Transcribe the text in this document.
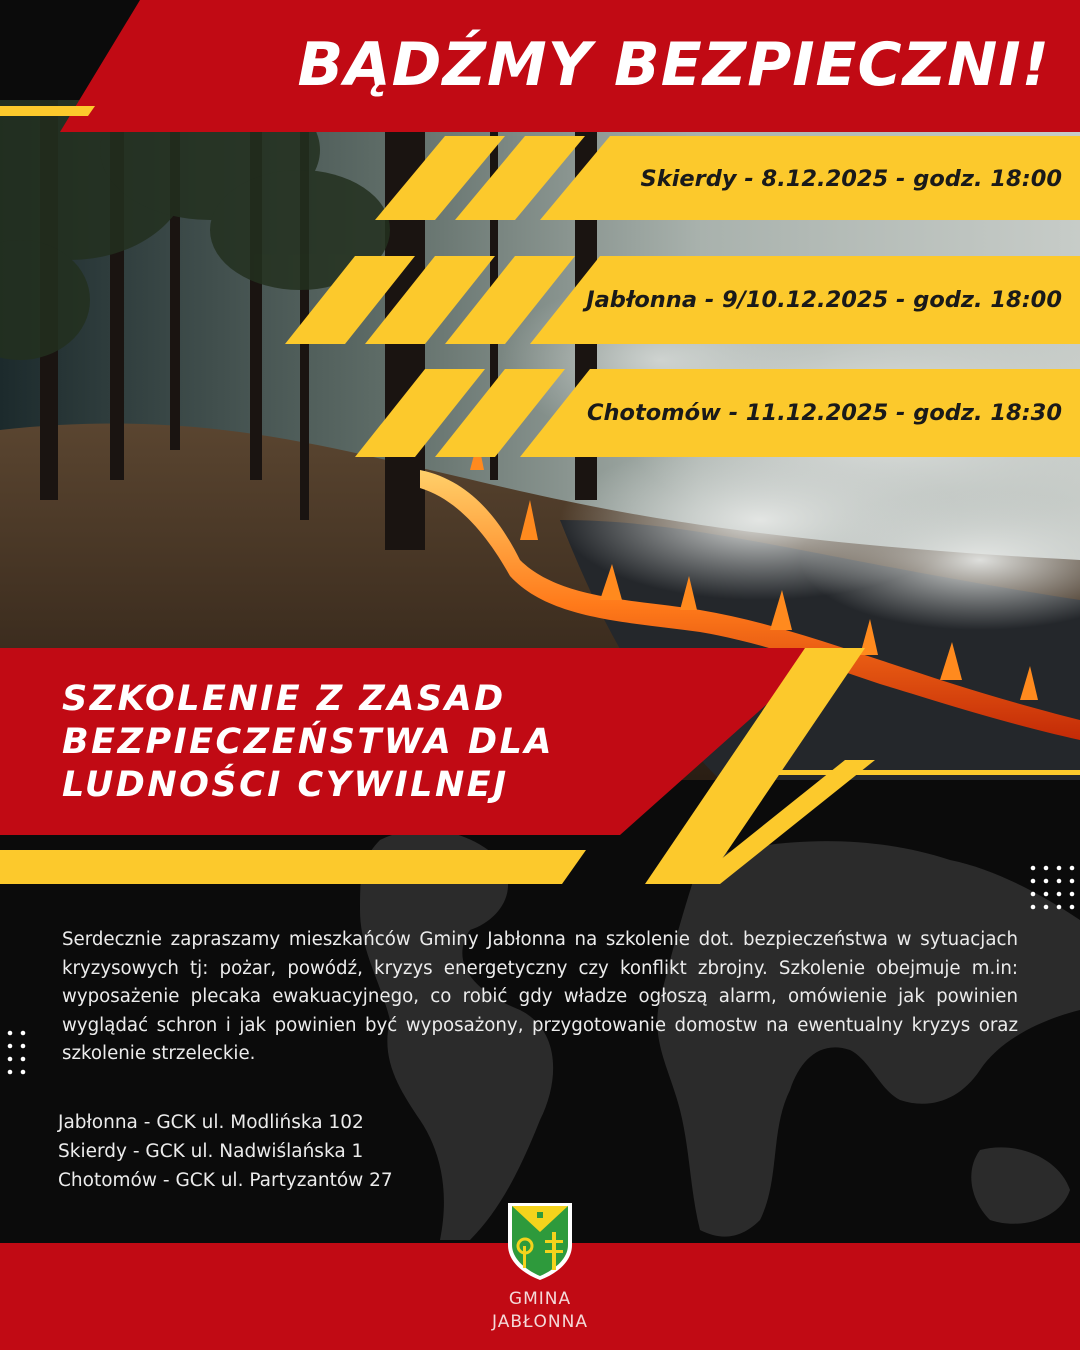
BĄDŹMY BEZPIECZNI!
Skierdy - 8.12.2025 - godz. 18:00
Jabłonna - 9/10.12.2025 - godz. 18:00
Chotomów - 11.12.2025 - godz. 18:30
SZKOLENIE Z ZASAD
BEZPIECZEŃSTWA DLA
LUDNOŚCI CYWILNEJ
Serdecznie zapraszamy mieszkańców Gminy Jabłonna na szkolenie dot. bezpieczeństwa w sytuacjach kryzysowych tj: pożar, powódź, kryzys energetyczny czy konflikt zbrojny. Szkolenie obejmuje m.in: wyposażenie plecaka ewakuacyjnego, co robić gdy władze ogłoszą alarm, omówienie jak powinien wyglądać schron i jak powinien być wyposażony, przygotowanie domostw na ewentualny kryzys oraz szkolenie strzeleckie.
Jabłonna - GCK ul. Modlińska 102
Skierdy - GCK ul. Nadwiślańska 1
Chotomów - GCK ul. Partyzantów 27
GMINA
JABŁONNA
